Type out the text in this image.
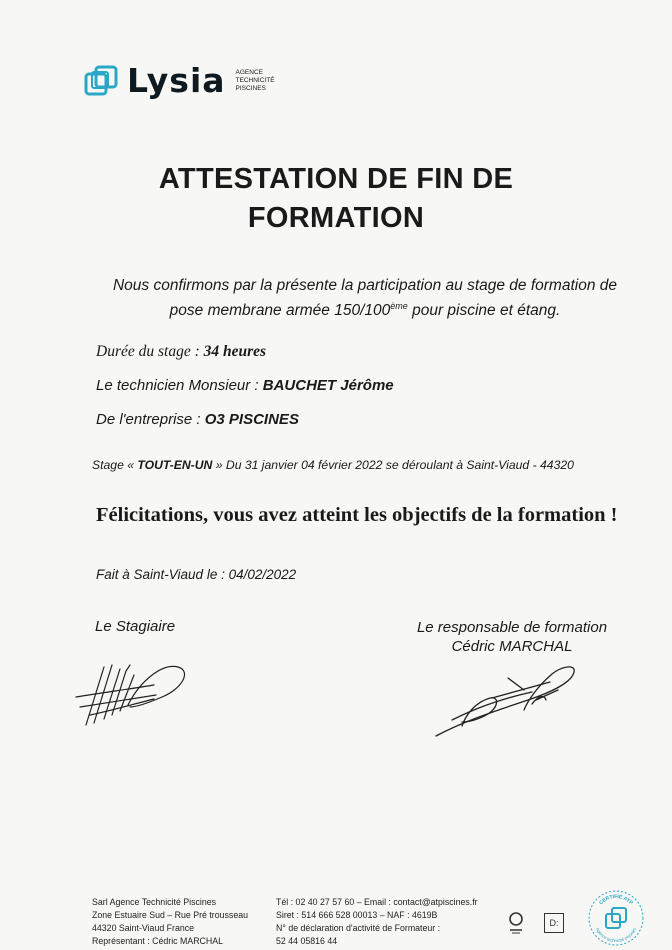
Lysia AGENCE
TECHNICITÉ
PISCINES
ATTESTATION DE FIN DE
FORMATION
Nous confirmons par la présente la participation au stage de formation de
pose membrane armée 150/100ème pour piscine et étang.
Durée du stage : 34 heures
Le technicien Monsieur : BAUCHET Jérôme
De l'entreprise : O3 PISCINES
Stage « TOUT-EN-UN » Du 31 janvier 04 février 2022 se déroulant à Saint-Viaud - 44320
Félicitations, vous avez atteint les objectifs de la formation !
Fait à Saint-Viaud le : 04/02/2022
Le Stagiaire	Le responsable de formation
Cédric MARCHAL
Sarl Agence Technicité Piscines
Zone Estuaire Sud – Rue Pré trousseau
44320 Saint-Viaud France
Représentant : Cédric MARCHAL
Tél : 02 40 27 57 60 – Email : contact@atpiscines.fr
Siret : 514 666 528 00013 – NAF : 4619B
N° de déclaration d'activité de Formateur :
52 44 05816 44
D:
CERTIFIÉ ATP
Agence technicité piscines
